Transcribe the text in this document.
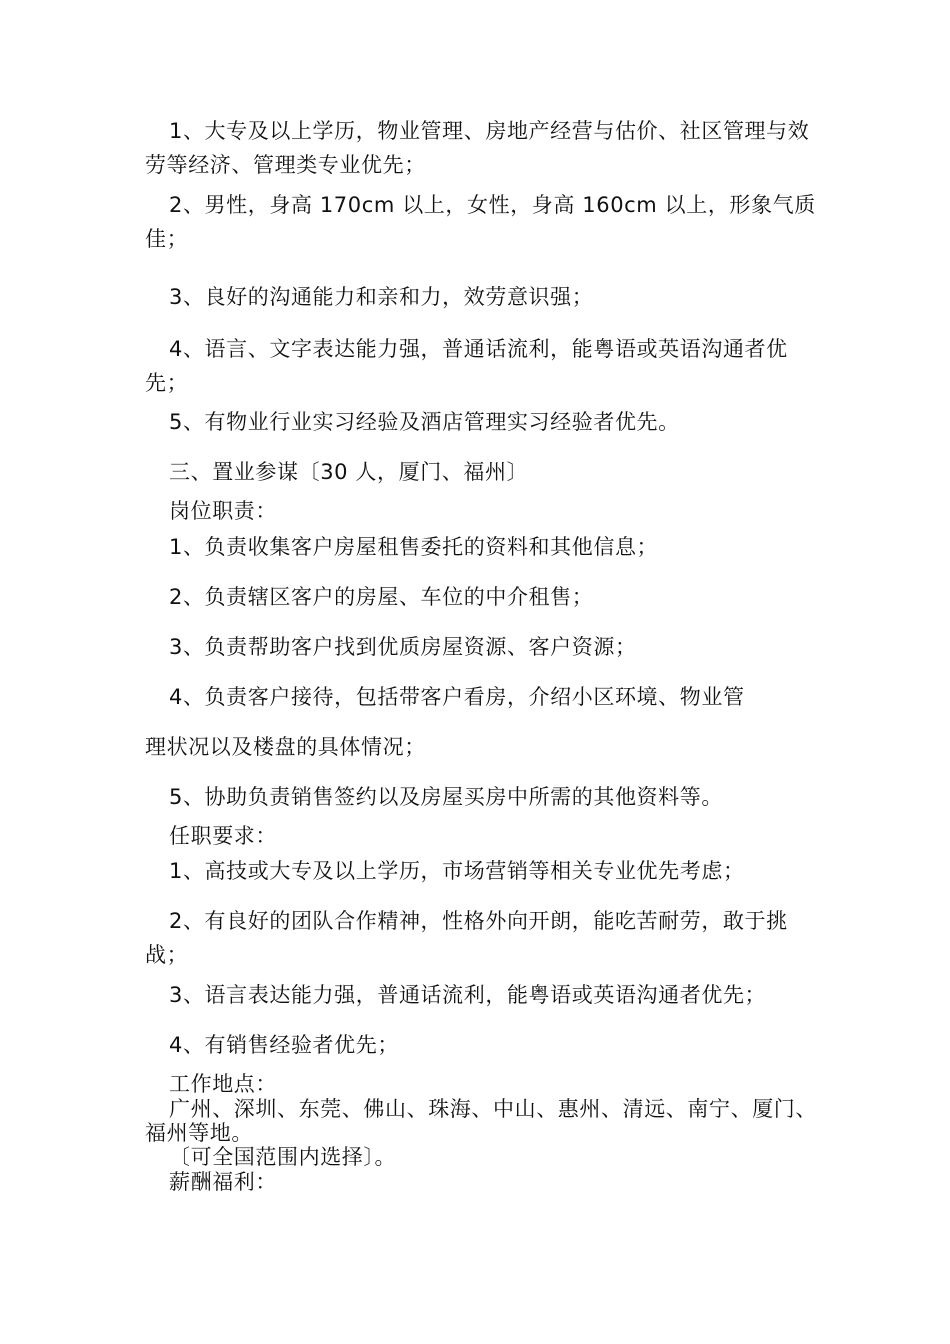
1、大专及以上学历，物业管理、房地产经营与估价、社区管理与效劳等经济、管理类专业优先；

2、男性，身高 170cm 以上，女性，身高 160cm 以上，形象气质佳；

3、良好的沟通能力和亲和力，效劳意识强；

4、语言、文字表达能力强，普通话流利，能粤语或英语沟通者优先；

5、有物业行业实习经验及酒店管理实习经验者优先。

三、置业参谋〔30 人，厦门、福州〕

岗位职责：

1、负责收集客户房屋租售委托的资料和其他信息；

2、负责辖区客户的房屋、车位的中介租售；

3、负责帮助客户找到优质房屋资源、客户资源；

4、负责客户接待，包括带客户看房，介绍小区环境、物业管

理状况以及楼盘的具体情况；

5、协助负责销售签约以及房屋买房中所需的其他资料等。

任职要求：

1、高技或大专及以上学历，市场营销等相关专业优先考虑；

2、有良好的团队合作精神，性格外向开朗，能吃苦耐劳，敢于挑战；

3、语言表达能力强，普通话流利，能粤语或英语沟通者优先；

4、有销售经验者优先；

工作地点：

广州、深圳、东莞、佛山、珠海、中山、惠州、清远、南宁、厦门、福州等地。

〔可全国范围内选择〕。

薪酬福利：
